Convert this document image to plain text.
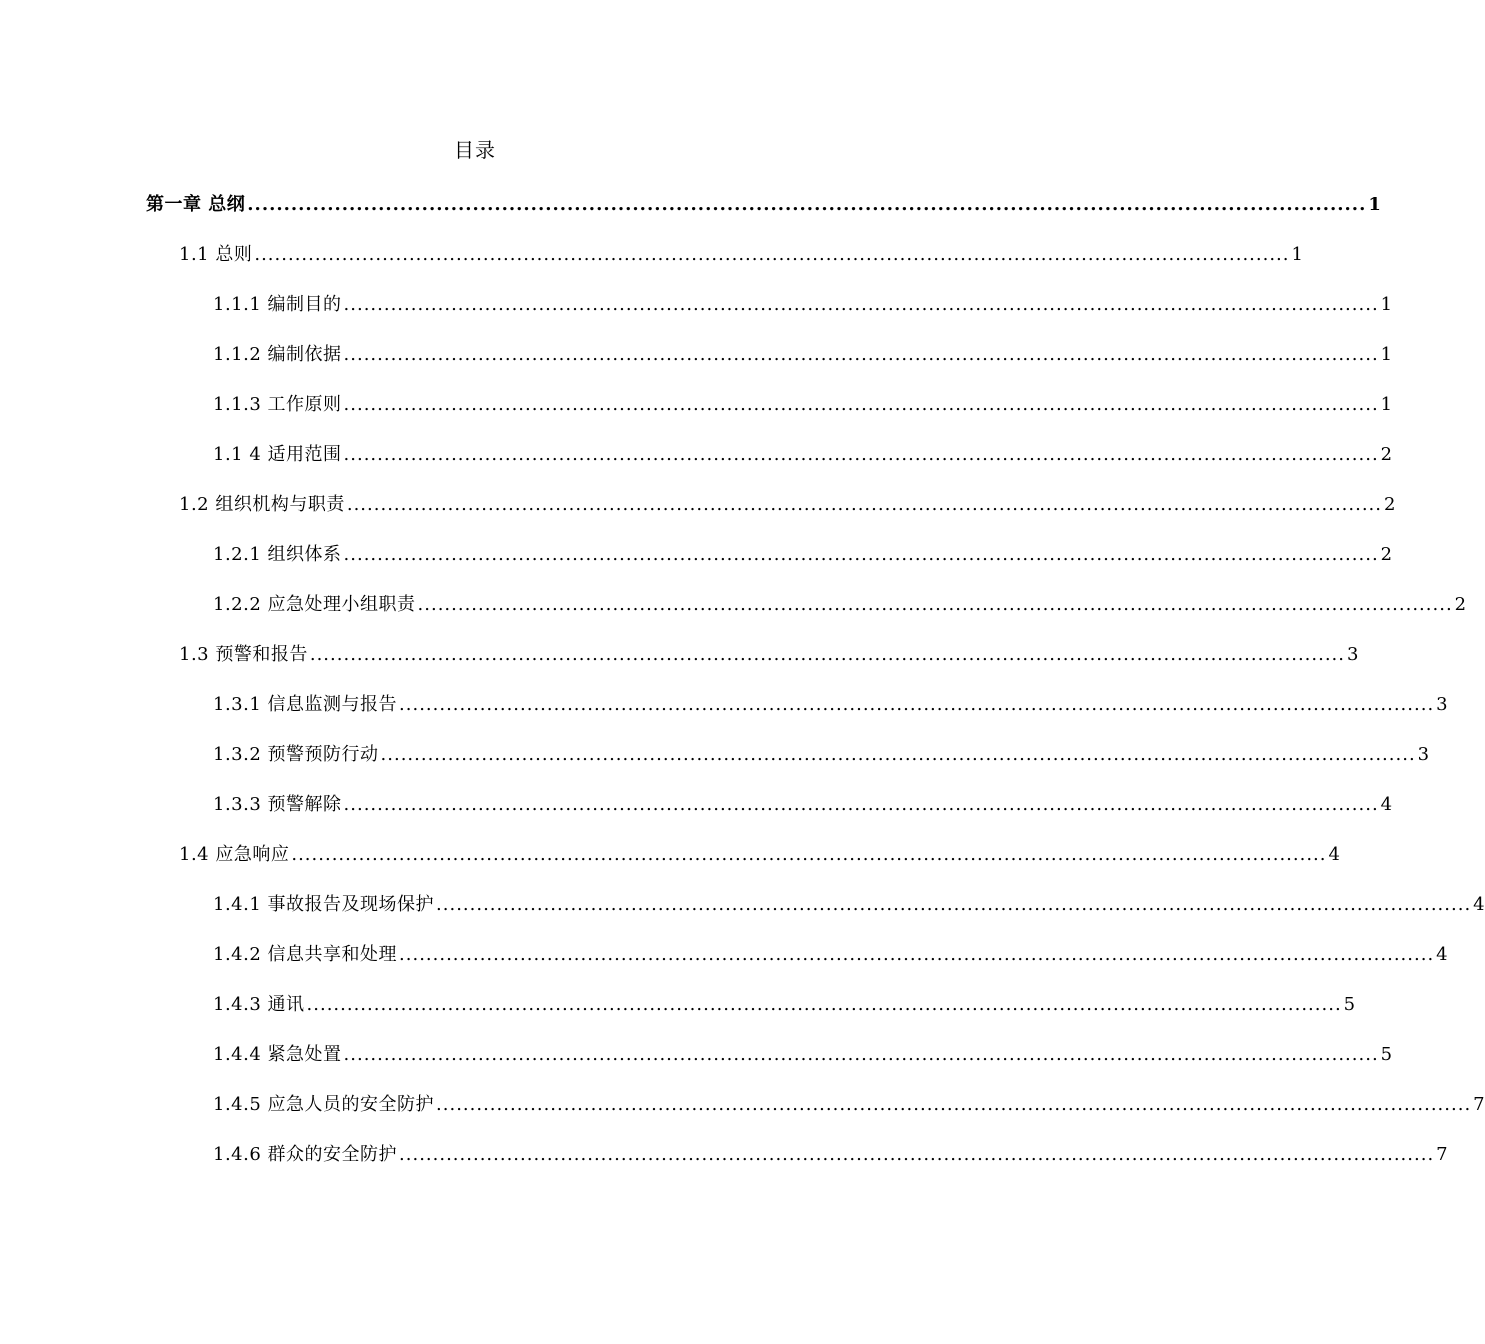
目录
第一章 总纲 .......................................................................................................................................................... 1
1.1 总则 .......................................................................................................................................................... 1
1.1.1 编制目的 .......................................................................................................................................................... 1
1.1.2 编制依据 .......................................................................................................................................................... 1
1.1.3 工作原则 .......................................................................................................................................................... 1
1.1 4 适用范围 .......................................................................................................................................................... 2
1.2 组织机构与职责 .......................................................................................................................................................... 2
1.2.1 组织体系 .......................................................................................................................................................... 2
1.2.2 应急处理小组职责 .......................................................................................................................................................... 2
1.3 预警和报告 .......................................................................................................................................................... 3
1.3.1 信息监测与报告 .......................................................................................................................................................... 3
1.3.2 预警预防行动 .......................................................................................................................................................... 3
1.3.3 预警解除 .......................................................................................................................................................... 4
1.4 应急响应 .......................................................................................................................................................... 4
1.4.1 事故报告及现场保护 .......................................................................................................................................................... 4
1.4.2 信息共享和处理 .......................................................................................................................................................... 4
1.4.3 通讯 .......................................................................................................................................................... 5
1.4.4 紧急处置 .......................................................................................................................................................... 5
1.4.5 应急人员的安全防护 .......................................................................................................................................................... 7
1.4.6 群众的安全防护 .......................................................................................................................................................... 7
